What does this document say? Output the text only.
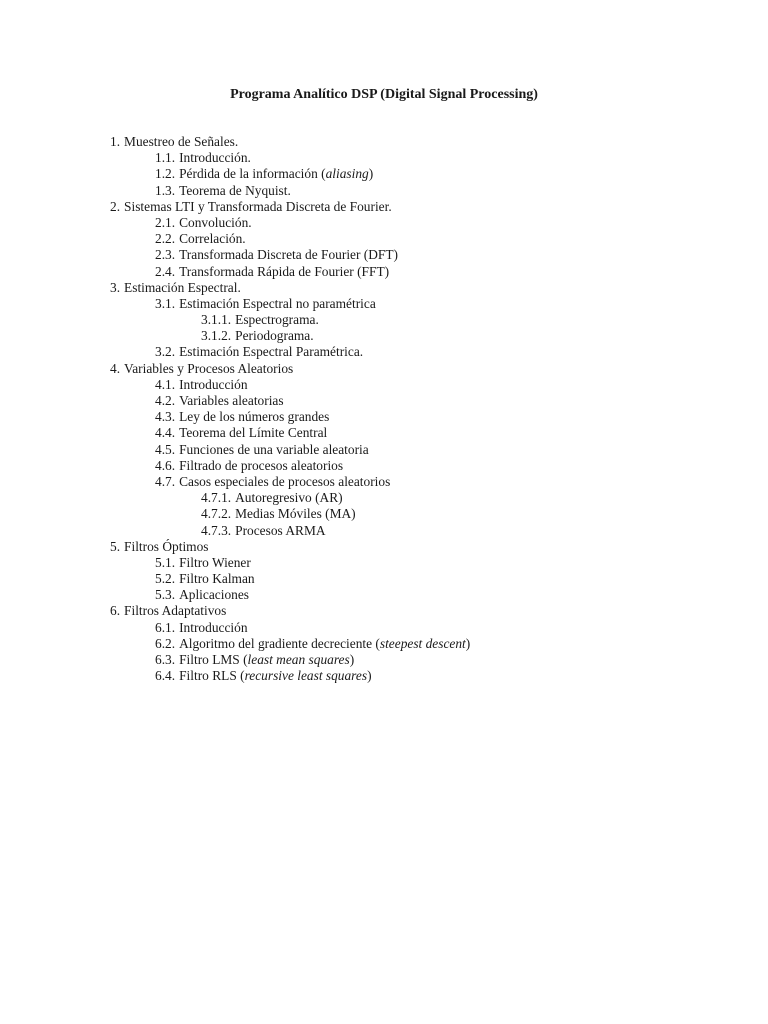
Programa Analítico DSP (Digital Signal Processing)
1. Muestreo de Señales.
1.1. Introducción.
1.2. Pérdida de la información (aliasing)
1.3. Teorema de Nyquist.
2. Sistemas LTI y Transformada Discreta de Fourier.
2.1. Convolución.
2.2. Correlación.
2.3. Transformada Discreta de Fourier (DFT)
2.4. Transformada Rápida de Fourier (FFT)
3. Estimación Espectral.
3.1. Estimación Espectral no paramétrica
3.1.1. Espectrograma.
3.1.2. Periodograma.
3.2. Estimación Espectral Paramétrica.
4. Variables y Procesos Aleatorios
4.1. Introducción
4.2. Variables aleatorias
4.3. Ley de los números grandes
4.4. Teorema del Límite Central
4.5. Funciones de una variable aleatoria
4.6. Filtrado de procesos aleatorios
4.7. Casos especiales de procesos aleatorios
4.7.1. Autoregresivo (AR)
4.7.2. Medias Móviles (MA)
4.7.3. Procesos ARMA
5. Filtros Óptimos
5.1. Filtro Wiener
5.2. Filtro Kalman
5.3. Aplicaciones
6. Filtros Adaptativos
6.1. Introducción
6.2. Algoritmo del gradiente decreciente (steepest descent)
6.3. Filtro LMS (least mean squares)
6.4. Filtro RLS (recursive least squares)
